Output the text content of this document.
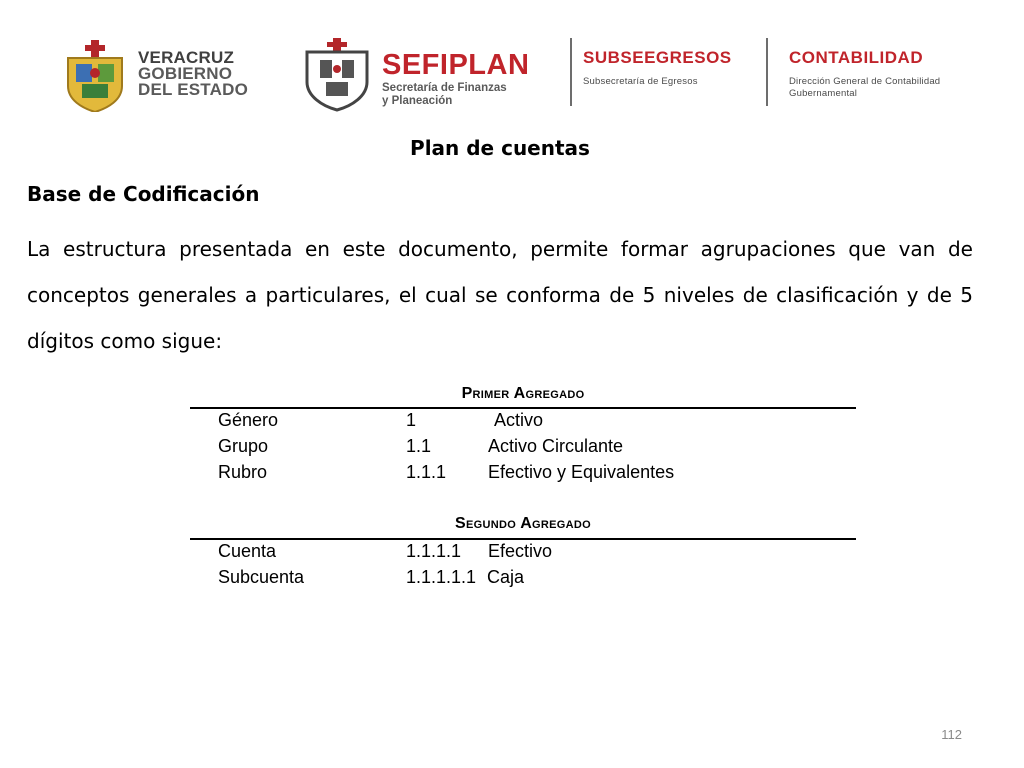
VERACRUZ
GOBIERNO
DEL ESTADO
SEFIPLAN
Secretaría de Finanzas
y Planeación
SUBSEEGRESOS
Subsecretaría de Egresos
CONTABILIDAD
Dirección General de Contabilidad
Gubernamental
Plan de cuentas
Base de Codificación

La estructura presentada en este documento, permite formar agrupaciones que van de conceptos generales a particulares, el cual se conforma de 5 niveles de clasificación y de 5 dígitos como sigue:

Primer Agregado
Género	1	Activo
Grupo	1.1	Activo Circulante
Rubro	1.1.1 Efectivo y Equivalentes
Segundo Agregado
Cuenta	1.1.1.1 Efectivo
Subcuenta	1.1.1.1.1 Caja
112
